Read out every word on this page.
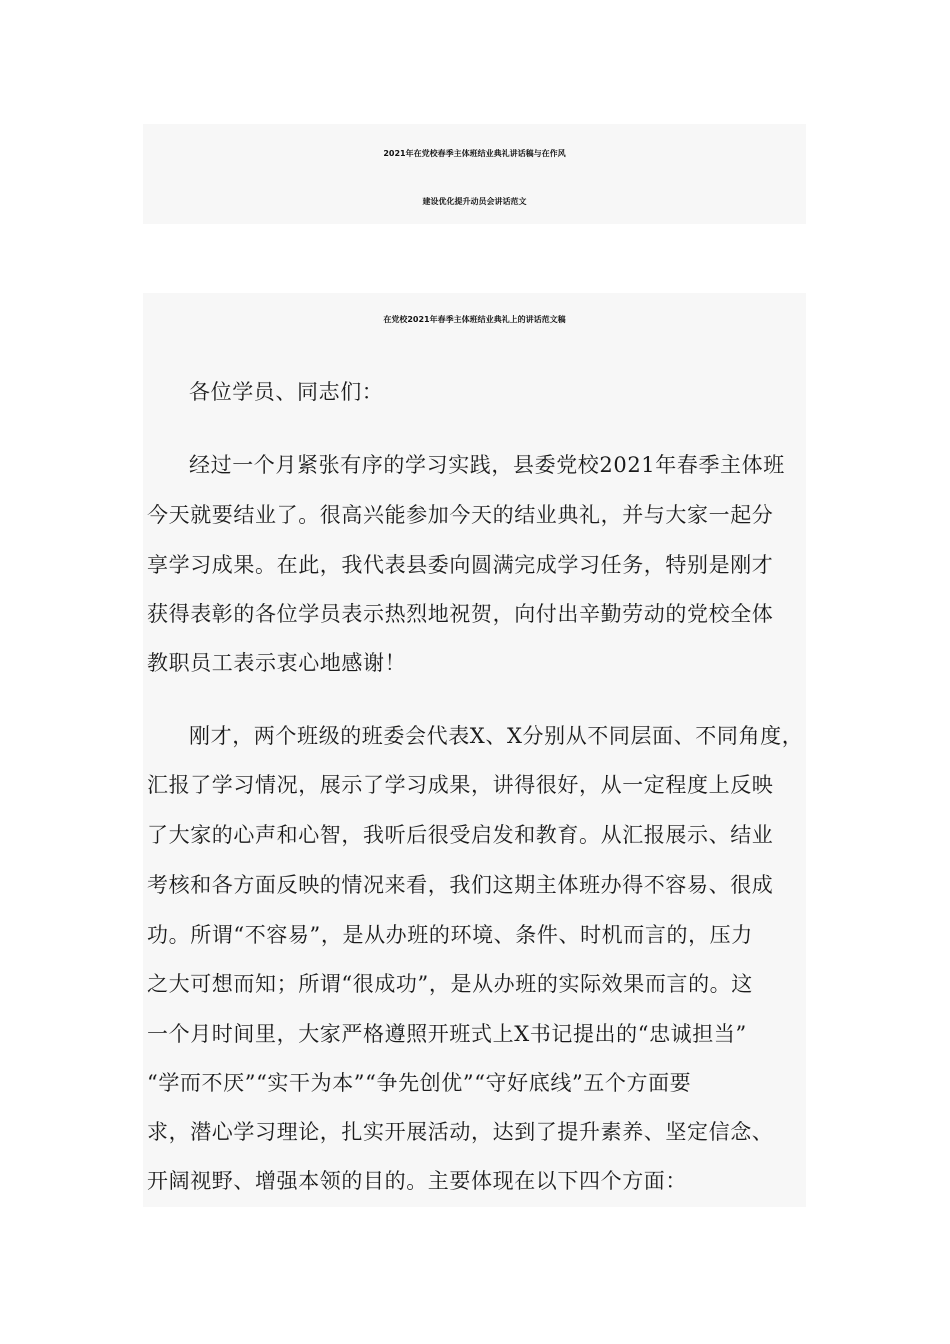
2021年在党校春季主体班结业典礼讲话稿与在作风
建设优化提升动员会讲话范文
在党校2021年春季主体班结业典礼上的讲话范文稿
各位学员、同志们：
经过一个月紧张有序的学习实践，县委党校2021年春季主体班
今天就要结业了。很高兴能参加今天的结业典礼，并与大家一起分
享学习成果。在此，我代表县委向圆满完成学习任务，特别是刚才
获得表彰的各位学员表示热烈地祝贺，向付出辛勤劳动的党校全体
教职员工表示衷心地感谢！
刚才，两个班级的班委会代表X、X分别从不同层面、不同角度，
汇报了学习情况，展示了学习成果，讲得很好，从一定程度上反映
了大家的心声和心智，我听后很受启发和教育。从汇报展示、结业
考核和各方面反映的情况来看，我们这期主体班办得不容易、很成
功。所谓“不容易”，是从办班的环境、条件、时机而言的，压力
之大可想而知；所谓“很成功”，是从办班的实际效果而言的。这
一个月时间里，大家严格遵照开班式上X书记提出的“忠诚担当”
“学而不厌”“实干为本”“争先创优”“守好底线”五个方面要
求，潜心学习理论，扎实开展活动，达到了提升素养、坚定信念、
开阔视野、增强本领的目的。主要体现在以下四个方面：
